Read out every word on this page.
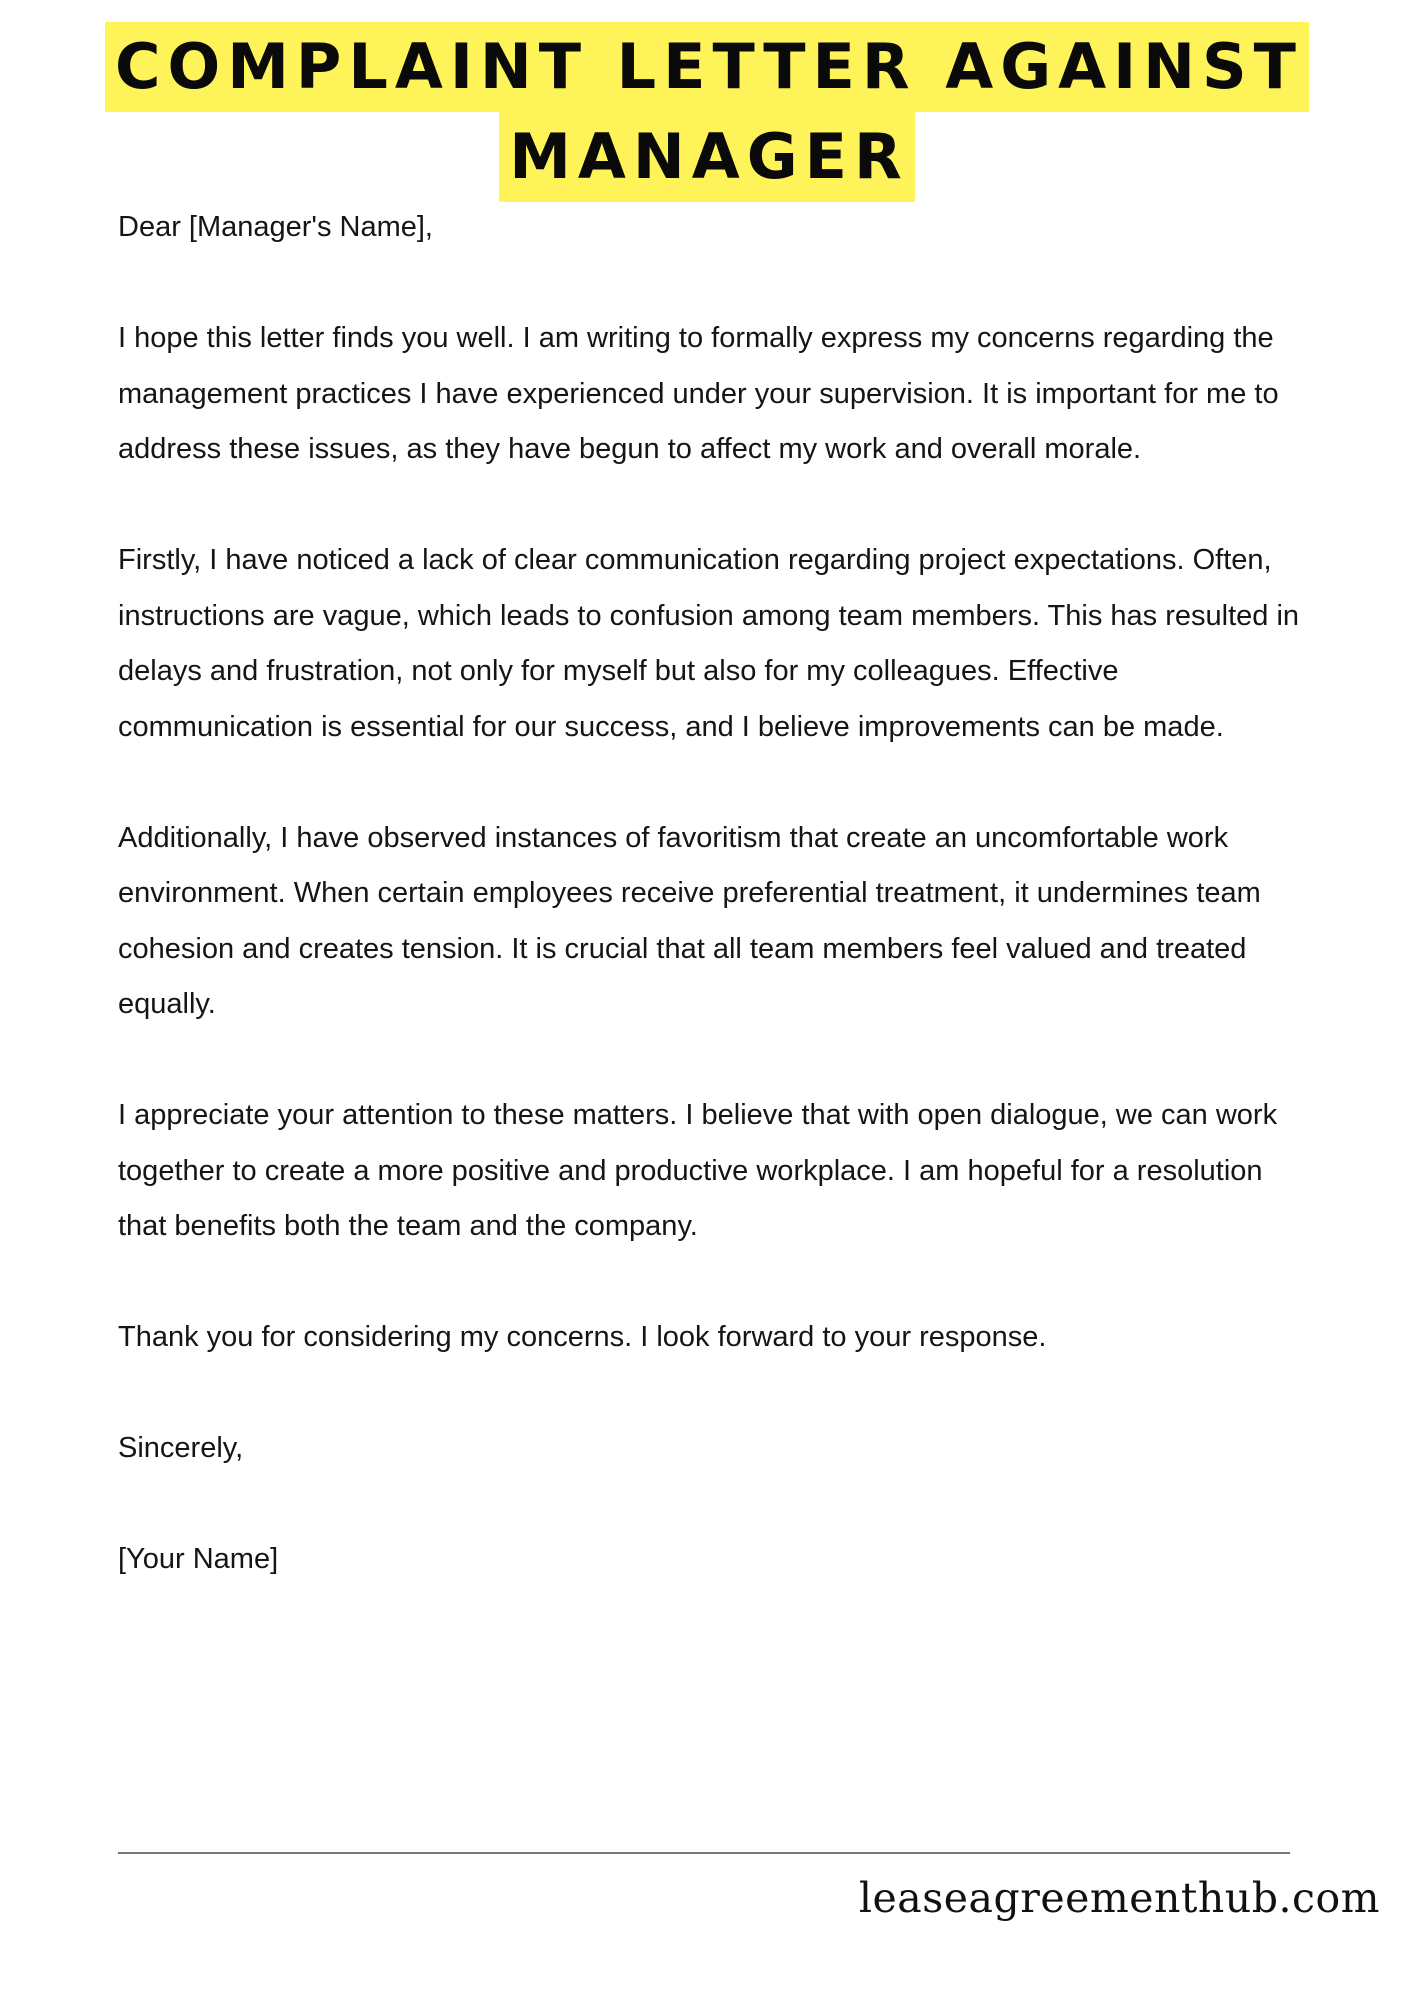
COMPLAINT LETTER AGAINST
MANAGER

Dear [Manager's Name],

I hope this letter finds you well. I am writing to formally express my concerns regarding the management practices I have experienced under your supervision. It is important for me to address these issues, as they have begun to affect my work and overall morale.

Firstly, I have noticed a lack of clear communication regarding project expectations. Often, instructions are vague, which leads to confusion among team members. This has resulted in delays and frustration, not only for myself but also for my colleagues. Effective communication is essential for our success, and I believe improvements can be made.

Additionally, I have observed instances of favoritism that create an uncomfortable work environment. When certain employees receive preferential treatment, it undermines team cohesion and creates tension. It is crucial that all team members feel valued and treated equally.

I appreciate your attention to these matters. I believe that with open dialogue, we can work together to create a more positive and productive workplace. I am hopeful for a resolution that benefits both the team and the company.

Thank you for considering my concerns. I look forward to your response.

Sincerely,

[Your Name]

leaseagreementhub.com
